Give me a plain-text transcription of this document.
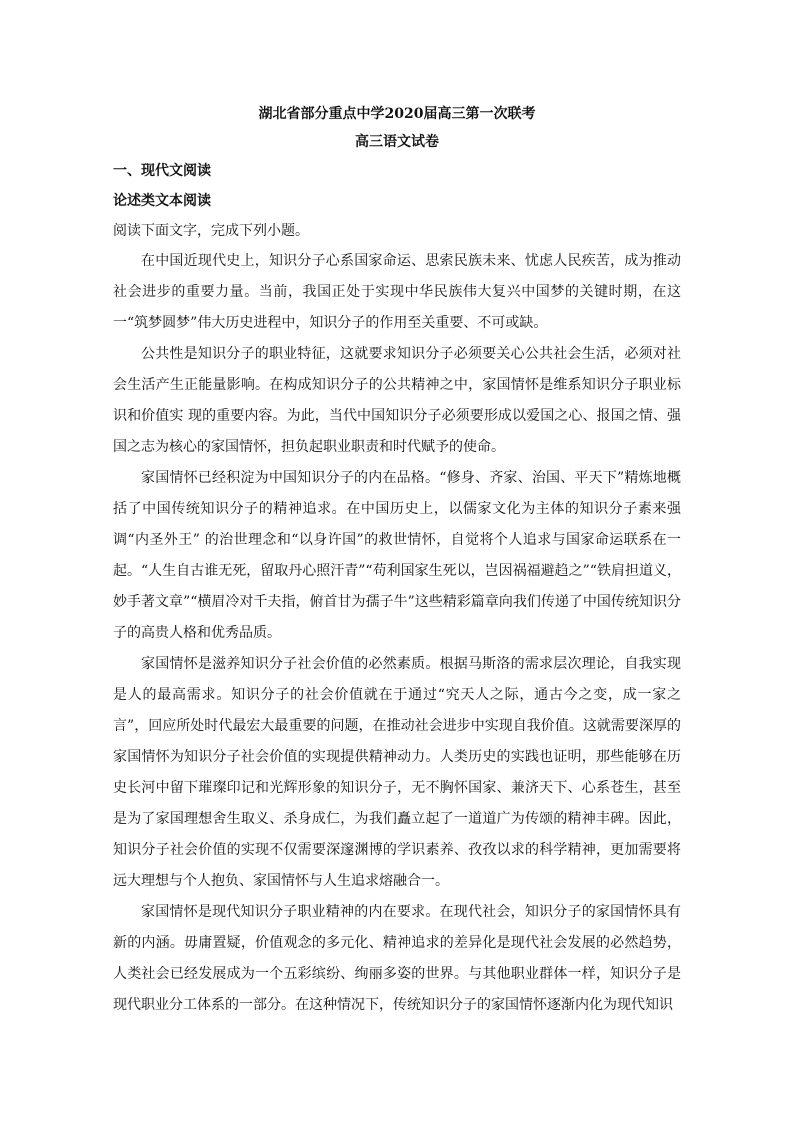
湖北省部分重点中学2020届高三第一次联考

高三语文试卷

一、现代文阅读

论述类文本阅读

阅读下面文字，完成下列小题。

在中国近现代史上，知识分子心系国家命运、思索民族未来、忧虑人民疾苦，成为推动社会进步的重要力量。当前，我国正处于实现中华民族伟大复兴中国梦的关键时期，在这一“筑梦圆梦”伟大历史进程中，知识分子的作用至关重要、不可或缺。

公共性是知识分子的职业特征，这就要求知识分子必须要关心公共社会生活，必须对社会生活产生正能量影响。在构成知识分子的公共精神之中，家国情怀是维系知识分子职业标识和价值实 现的重要内容。为此，当代中国知识分子必须要形成以爱国之心、报国之情、强国之志为核心的家国情怀，担负起职业职责和时代赋予的使命。

家国情怀已经积淀为中国知识分子的内在品格。“修身、齐家、治国、平天下”精炼地概括了中国传统知识分子的精神追求。在中国历史上，以儒家文化为主体的知识分子素来强调“内圣外王” 的治世理念和“以身许国”的救世情怀，自觉将个人追求与国家命运联系在一起。“人生自古谁无死，留取丹心照汗青”“苟利国家生死以，岂因祸福避趋之”“铁肩担道义，妙手著文章”“横眉冷对千夫指，俯首甘为孺子牛”这些精彩篇章向我们传递了中国传统知识分子的高贵人格和优秀品质。

家国情怀是滋养知识分子社会价值的必然素质。根据马斯洛的需求层次理论，自我实现是人的最高需求。知识分子的社会价值就在于通过“究天人之际，通古今之变，成一家之言”，回应所处时代最宏大最重要的问题，在推动社会进步中实现自我价值。这就需要深厚的家国情怀为知识分子社会价值的实现提供精神动力。人类历史的实践也证明，那些能够在历史长河中留下璀璨印记和光辉形象的知识分子，无不胸怀国家、兼济天下、心系苍生，甚至是为了家国理想舍生取义、杀身成仁，为我们矗立起了一道道广为传颂的精神丰碑。因此，知识分子社会价值的实现不仅需要深邃渊博的学识素养、孜孜以求的科学精神，更加需要将远大理想与个人抱负、家国情怀与人生追求熔融合一。

家国情怀是现代知识分子职业精神的内在要求。在现代社会，知识分子的家国情怀具有新的内涵。毋庸置疑，价值观念的多元化、精神追求的差异化是现代社会发展的必然趋势，人类社会已经发展成为一个五彩缤纷、绚丽多姿的世界。与其他职业群体一样，知识分子是现代职业分工体系的一部分。在这种情况下，传统知识分子的家国情怀逐渐内化为现代知识
